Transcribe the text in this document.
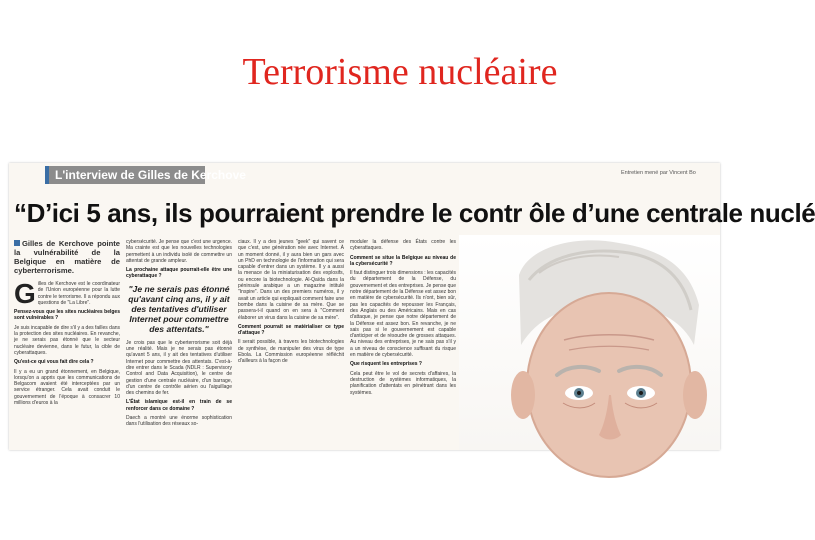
Terrorisme nucléaire
L'interview de Gilles de Kerchove	Entretien mené par Vincent Bo
“D’ici 5 ans, ils pourraient prendre le contr ôle d’une centrale nuclé

Gilles de Kerchove pointe la vulnérabilité de la Belgique en matière de cyberterrorisme.

Gilles de Kerchove est le coordinateur de l'Union européenne pour la lutte contre le terrorisme. Il a répondu aux questions de "La Libre".

Pensez-vous que les sites nucléaires belges sont vulnérables ?

Je suis incapable de dire s'il y a des failles dans la protection des sites nucléaires. En revanche, je ne serais pas étonné que le secteur nucléaire devienne, dans le futur, la cible de cyberattaques.

Qu'est-ce qui vous fait dire cela ?

Il y a eu un grand étonnement, en Belgique, lorsqu'on a appris que les communications de Belgacom avaient été interceptées par un service étranger. Cela avait conduit le gouvernement de l'époque à consacrer 10 millions d'euros à la

cybersécurité. Je pense que c'est une urgence. Ma crainte est que les nouvelles technologies permettent à un individu isolé de commettre un attentat de grande ampleur.

La prochaine attaque pourrait-elle être une cyberattaque ?

"Je ne serais pas étonné qu'avant cinq ans, il y ait des tentatives d'utiliser Internet pour commettre des attentats."

Je crois pas que le cyberterrorisme soit déjà une réalité. Mais je ne serais pas étonné qu'avant 5 ans, il y ait des tentatives d'utiliser Internet pour commettre des attentats. C'est-à-dire entrer dans le Scada (NDLR : Supervisory Control and Data Acquisition), le centre de gestion d'une centrale nucléaire, d'un barrage, d'un centre de contrôle aérien ou l'aiguillage des chemins de fer.

L'État islamique est-il en train de se renforcer dans ce domaine ?

Daech a montré une énorme sophistication dans l'utilisation des réseaux so-

ciaux. Il y a des jeunes "geek" qui savent ce que c'est, une génération née avec Internet. À un moment donné, il y aura bien un gars avec un PhD en technologie de l'information qui sera capable d'entrer dans un système. Il y a aussi la menace de la miniaturisation des explosifs, ou encore la biotechnologie. Al-Qaïda dans la péninsule arabique a un magazine intitulé "Inspire". Dans un des premiers numéros, il y avait un article qui expliquait comment faire une bombe dans la cuisine de sa mère. Que se passera-t-il quand on en sera à "Comment élaborer un virus dans la cuisine de sa mère".

Comment pourrait se matérialiser ce type d'attaque ?

Il serait possible, à travers les biotechnologies de synthèse, de manipuler des virus de type Ebola. La Commission européenne réfléchit d'ailleurs à la façon de

moduler la défense des États contre les cyberattaques.

Comment se situe la Belgique au niveau de la cybersécurité ?

Il faut distinguer trois dimensions : les capacités du département de la Défense, du gouvernement et des entreprises. Je pense que notre département de la Défense est assez bon en matière de cybersécurité. Ils n'ont, bien sûr, pas les capacités de repousser les Français, des Anglais ou des Américains. Mais en cas d'attaque, je pense que notre département de la Défense est assez bon. En revanche, je ne sais pas si le gouvernement est capable d'anticiper et de résoudre de grosses attaques. Au niveau des entreprises, je ne sais pas s'il y a un niveau de conscience suffisant du risque en matière de cybersécurité.

Que risquent les entreprises ?

Cela peut être le vol de secrets d'affaires, la destruction de systèmes informatiques, la planification d'attentats en pénétrant dans les systèmes.
